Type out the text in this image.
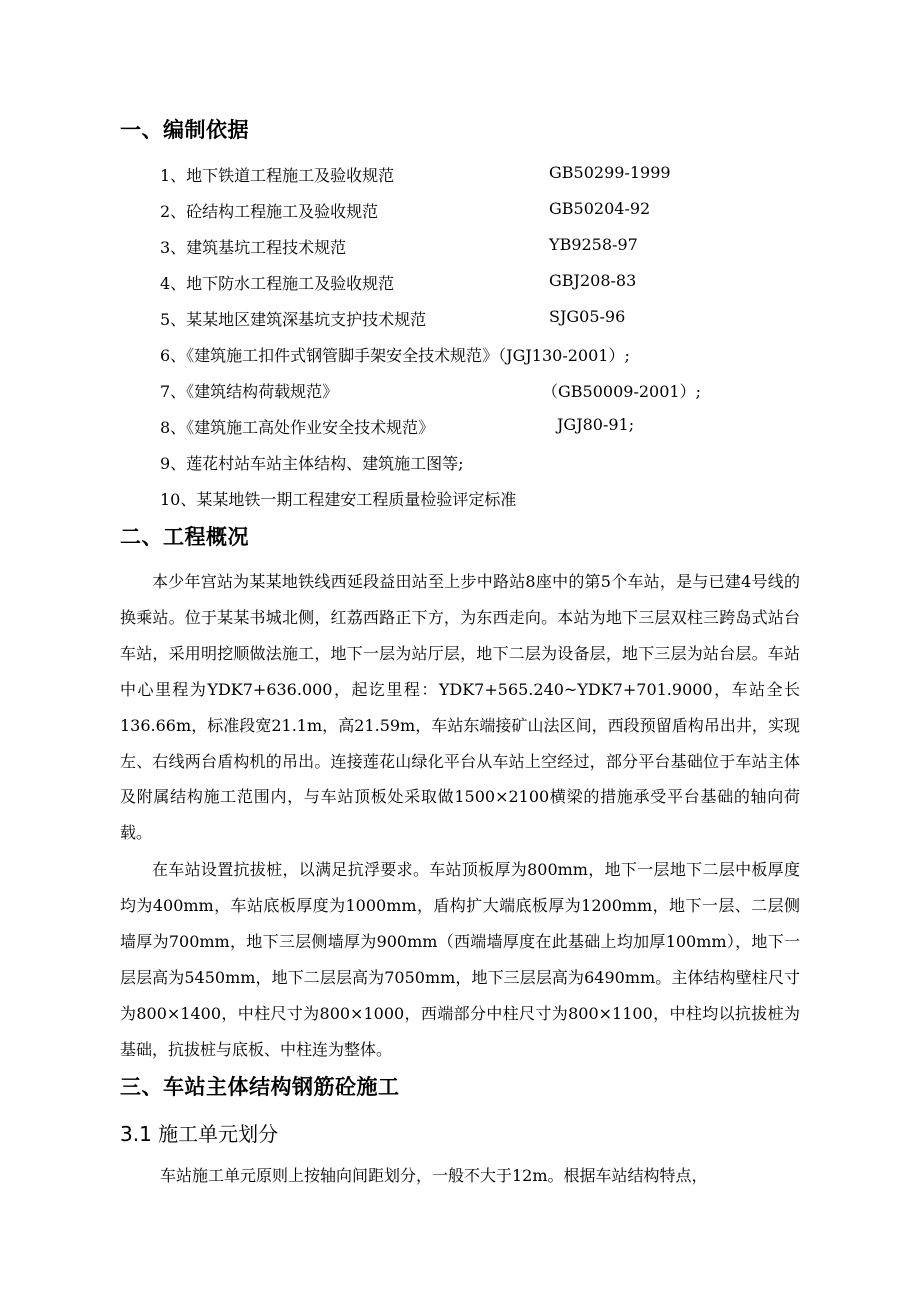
一、编制依据
1、地下铁道工程施工及验收规范	GB50299-1999
2、砼结构工程施工及验收规范	GB50204-92
3、建筑基坑工程技术规范	YB9258-97
4、地下防水工程施工及验收规范	GBJ208-83
5、某某地区建筑深基坑支护技术规范	SJG05-96
6、《建筑施工扣件式钢管脚手架安全技术规范》（JGJ130-2001）;
7、《建筑结构荷载规范》	（GB50009-2001）;
8、《建筑施工高处作业安全技术规范》	JGJ80-91;
9、莲花村站车站主体结构、建筑施工图等;
10、某某地铁一期工程建安工程质量检验评定标准
二、工程概况
本少年宫站为某某地铁线西延段益田站至上步中路站8座中的第5个车站，是与已建4号线的换乘站。位于某某书城北侧，红荔西路正下方，为东西走向。本站为地下三层双柱三跨岛式站台车站，采用明挖顺做法施工，地下一层为站厅层，地下二层为设备层，地下三层为站台层。车站中心里程为YDK7+636.000，起讫里程：YDK7+565.240~YDK7+701.9000，车站全长136.66m，标准段宽21.1m，高21.59m，车站东端接矿山法区间，西段预留盾构吊出井，实现左、右线两台盾构机的吊出。连接莲花山绿化平台从车站上空经过，部分平台基础位于车站主体及附属结构施工范围内，与车站顶板处采取做1500×2100横梁的措施承受平台基础的轴向荷载。
在车站设置抗拔桩，以满足抗浮要求。车站顶板厚为800mm，地下一层地下二层中板厚度均为400mm，车站底板厚度为1000mm，盾构扩大端底板厚为1200mm，地下一层、二层侧墙厚为700mm，地下三层侧墙厚为900mm（西端墙厚度在此基础上均加厚100mm），地下一层层高为5450mm，地下二层层高为7050mm，地下三层层高为6490mm。主体结构壁柱尺寸为800×1400，中柱尺寸为800×1000，西端部分中柱尺寸为800×1100，中柱均以抗拔桩为基础，抗拔桩与底板、中柱连为整体。
三、车站主体结构钢筋砼施工
3.1 施工单元划分
车站施工单元原则上按轴向间距划分，一般不大于12m。根据车站结构特点，
